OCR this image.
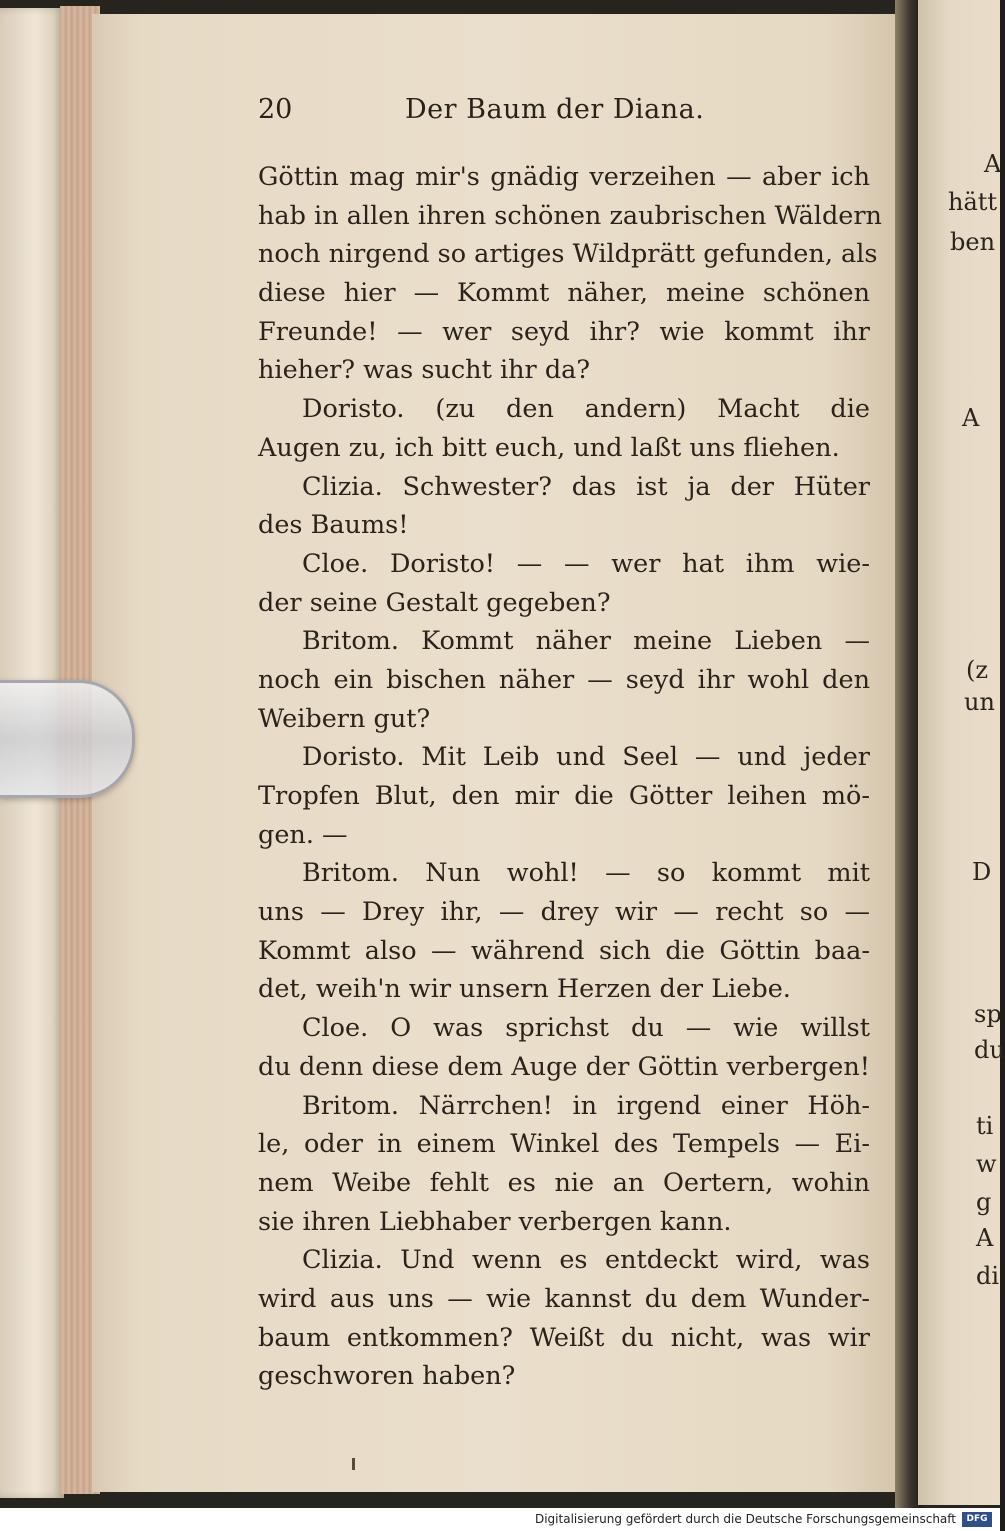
20	Der Baum der Diana.
Göttin mag mir's gnädig verzeihen — aber ich
hab in allen ihren schönen zaubrischen Wäldern
noch nirgend so artiges Wildprätt gefunden, als
diese hier — Kommt näher, meine schönen
Freunde! — wer seyd ihr? wie kommt ihr
hieher? was sucht ihr da?
Doristo. (zu den andern) Macht die
Augen zu, ich bitt euch, und laßt uns fliehen.
Clizia. Schwester? das ist ja der Hüter
des Baums!
Cloe. Doristo! — — wer hat ihm wie-
der seine Gestalt gegeben?
Britom. Kommt näher meine Lieben —
noch ein bischen näher — seyd ihr wohl den
Weibern gut?
Doristo. Mit Leib und Seel — und jeder
Tropfen Blut, den mir die Götter leihen mö-
gen. —
Britom. Nun wohl! — so kommt mit
uns — Drey ihr, — drey wir — recht so —
Kommt also — während sich die Göttin baa-
det, weih'n wir unsern Herzen der Liebe.
Cloe. O was sprichst du — wie willst
du denn diese dem Auge der Göttin verbergen!
Britom. Närrchen! in irgend einer Höh-
le, oder in einem Winkel des Tempels — Ei-
nem Weibe fehlt es nie an Oertern, wohin
sie ihren Liebhaber verbergen kann.
Clizia. Und wenn es entdeckt wird, was
wird aus uns — wie kannst du dem Wunder-
baum entkommen? Weißt du nicht, was wir
geschworen haben?
A
hätt
ben
A
(z
un
D
sp
du
ti
w
g
A
di
Digitalisierung gefördert durch die Deutsche Forschungsgemeinschaft	DFG
